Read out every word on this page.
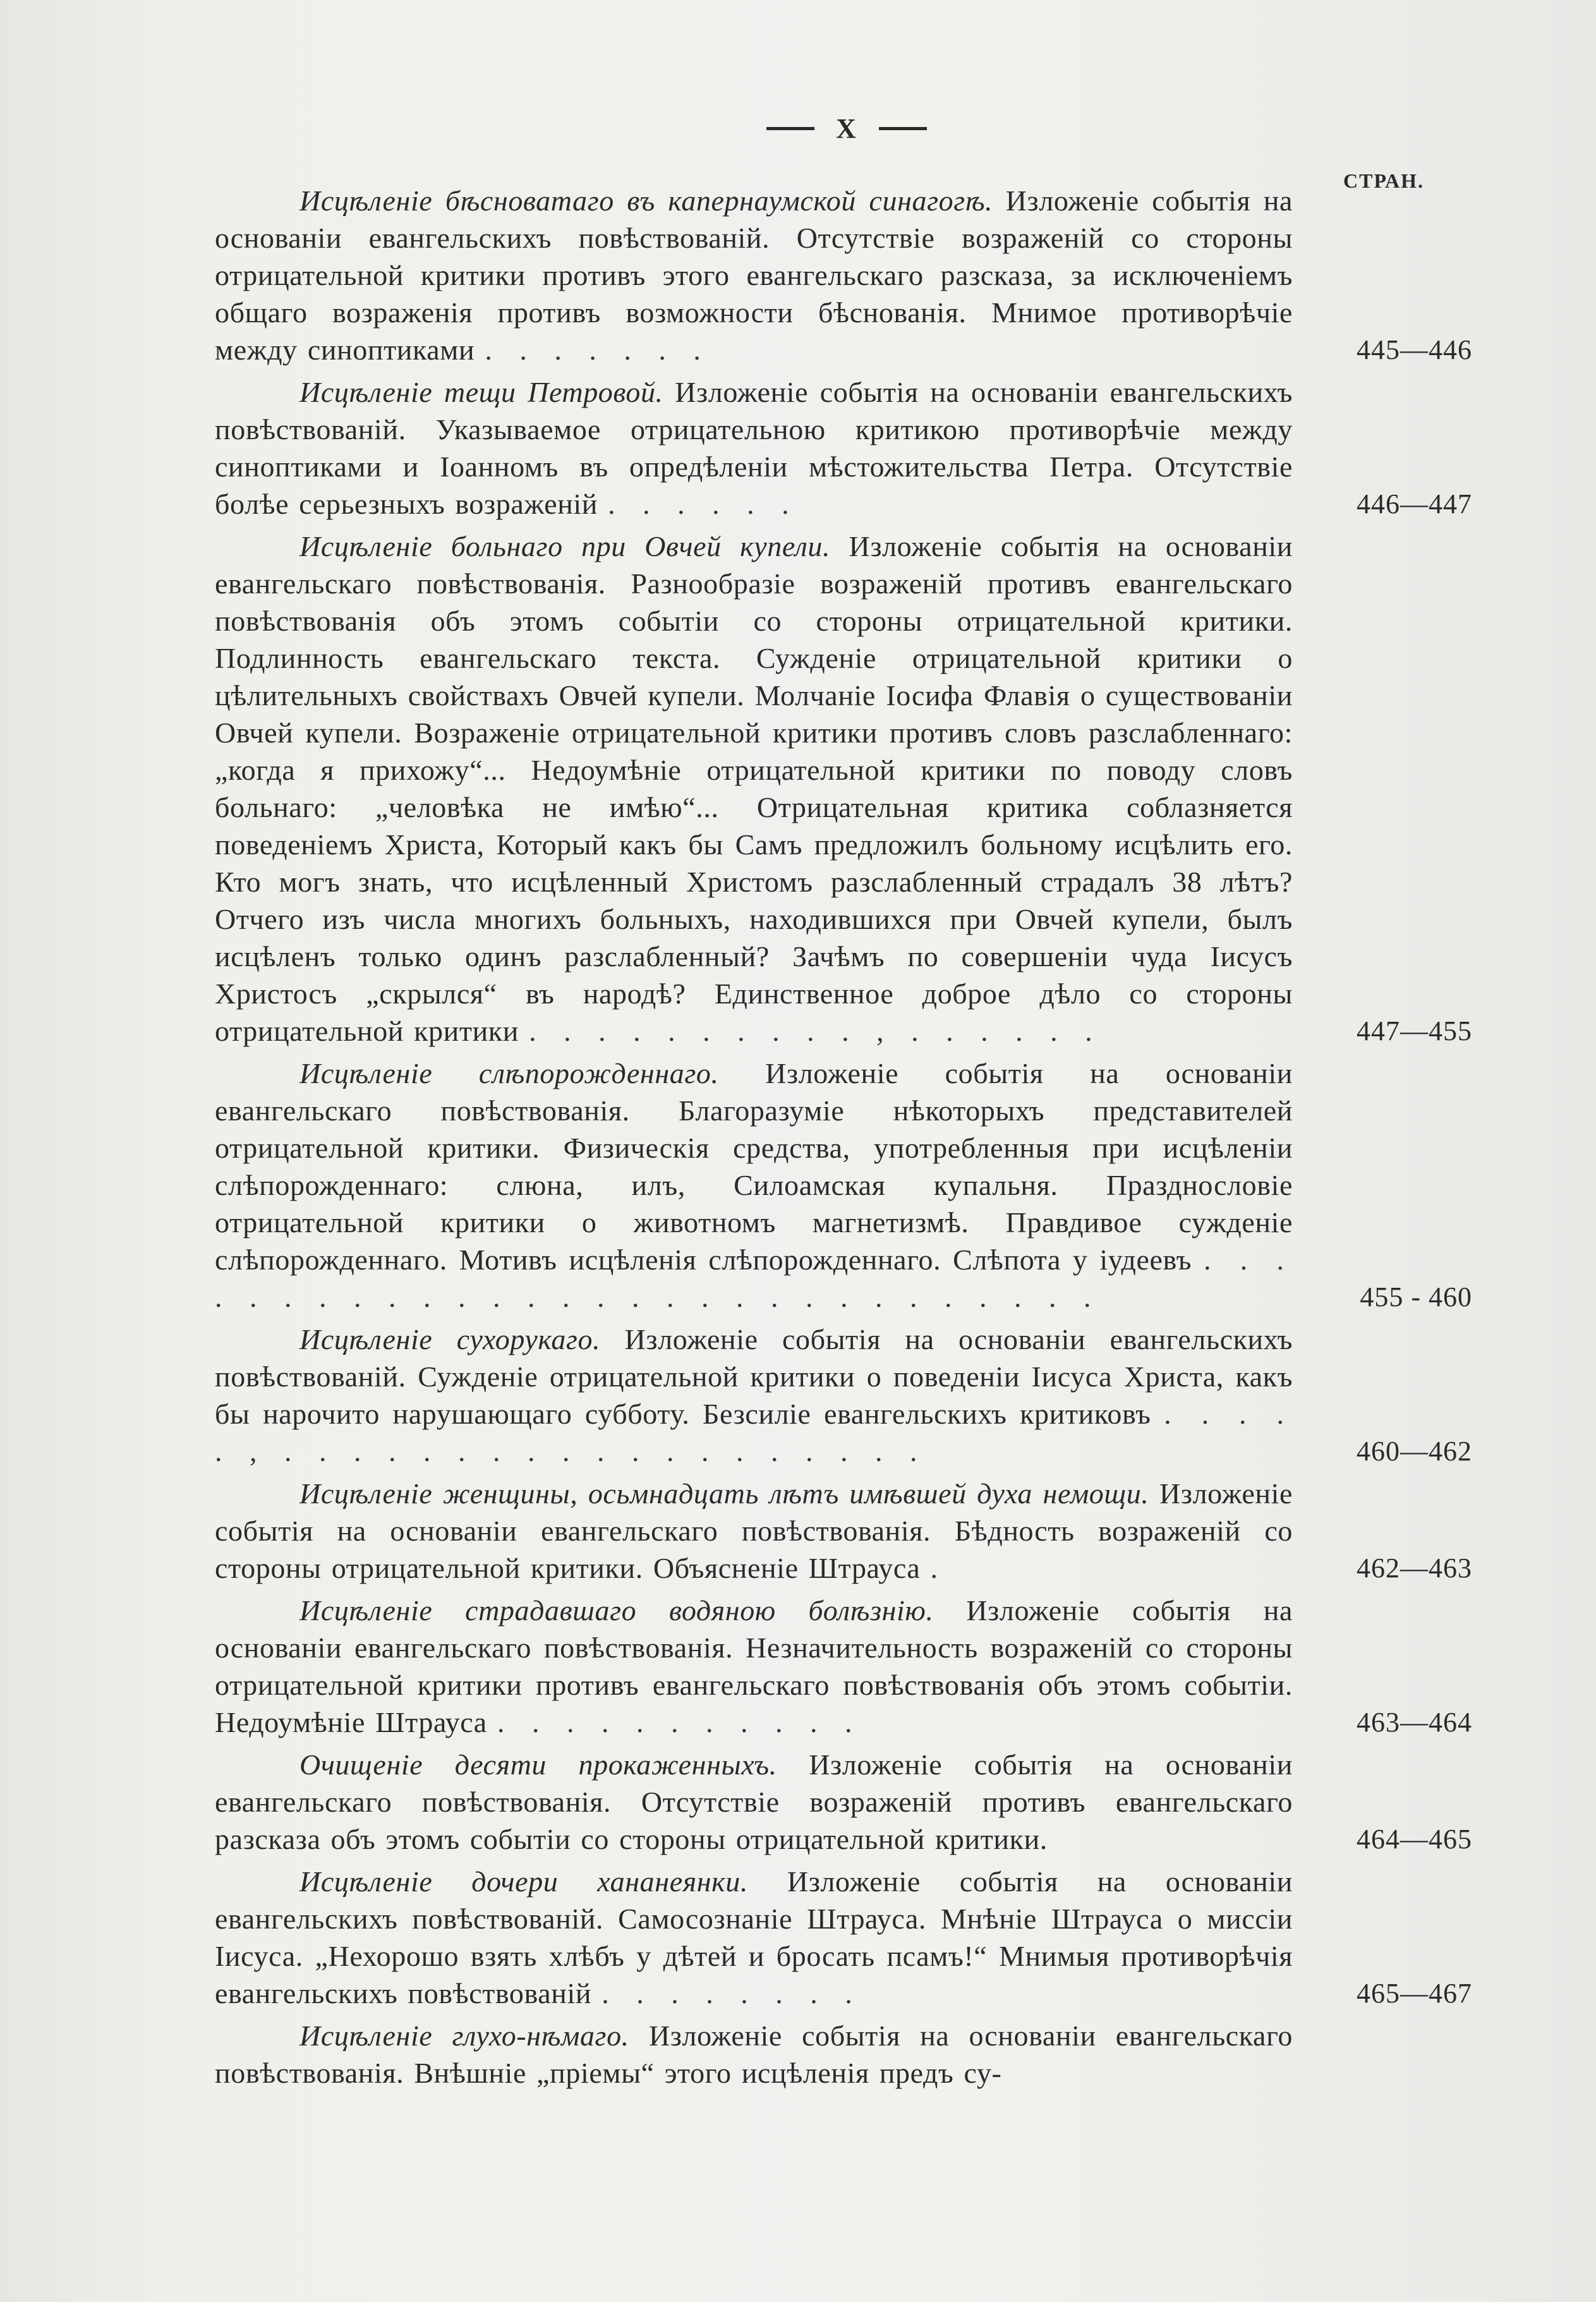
X
СТРАН.
Исцѣленіе бѣсноватаго въ капернаумской синагогѣ. Изложеніе событія на основаніи евангельскихъ повѣствованій. Отсутствіе возраженій со стороны отрицательной критики противъ этого евангельскаго разсказа, за исключеніемъ общаго возраженія противъ возможности бѣснованія. Мнимое противорѣчіе между синоптиками . . . . . . .	445—446
Исцѣленіе тещи Петровой. Изложеніе событія на основаніи евангельскихъ повѣствованій. Указываемое отрицательною критикою противорѣчіе между синоптиками и Іоанномъ въ опредѣленіи мѣстожительства Петра. Отсутствіе болѣе серьезныхъ возраженій . . . . . .	446—447
Исцѣленіе больнаго при Овчей купели. Изложеніе событія на основаніи евангельскаго повѣствованія. Разнообразіе возраженій противъ евангельскаго повѣствованія объ этомъ событіи со стороны отрицательной критики. Подлинность евангельскаго текста. Сужденіе отрицательной критики о цѣлительныхъ свойствахъ Овчей купели. Молчаніе Іосифа Флавія о существованіи Овчей купели. Возраженіе отрицательной критики противъ словъ разслабленнаго: „когда я прихожу“... Недоумѣніе отрицательной критики по поводу словъ больнаго: „человѣка не имѣю“... Отрицательная критика соблазняется поведеніемъ Христа, Который какъ бы Самъ предложилъ больному исцѣлить его. Кто могъ знать, что исцѣленный Христомъ разслабленный страдалъ 38 лѣтъ? Отчего изъ числа многихъ больныхъ, находившихся при Овчей купели, былъ исцѣленъ только одинъ разслабленный? Зачѣмъ по совершеніи чуда Іисусъ Христосъ „скрылся“ въ народѣ? Единственное доброе дѣло со стороны отрицательной критики . . . . . . . . . . , . . . . . .	447—455
Исцѣленіе слѣпорожденнаго. Изложеніе событія на основаніи евангельскаго повѣствованія. Благоразуміе нѣкоторыхъ представителей отрицательной критики. Физическія средства, употребленныя при исцѣленіи слѣпорожденнаго: слюна, илъ, Силоамская купальня. Празднословіе отрицательной критики о животномъ магнетизмѣ. Правдивое сужденіе слѣпорожденнаго. Мотивъ исцѣленія слѣпорожденнаго. Слѣпота у іудеевъ . . . . . . . . . . . . . . . . . . . . . . . . . . . . .	455 - 460
Исцѣленіе сухорукаго. Изложеніе событія на основаніи евангельскихъ повѣствованій. Сужденіе отрицательной критики о поведеніи Іисуса Христа, какъ бы нарочито нарушающаго субботу. Безсиліе евангельскихъ критиковъ . . . . . , . . . . . . . . . . . . . . . . . . .	460—462
Исцѣленіе женщины, осьмнадцать лѣтъ имѣвшей духа немощи. Изложеніе событія на основаніи евангельскаго повѣствованія. Бѣдность возраженій со стороны отрицательной критики. Объясненіе Штрауса .	462—463
Исцѣленіе страдавшаго водяною болѣзнію. Изложеніе событія на основаніи евангельскаго повѣствованія. Незначительность возраженій со стороны отрицательной критики противъ евангельскаго повѣствованія объ этомъ событіи. Недоумѣніе Штрауса . . . . . . . . . . .	463—464
Очищеніе десяти прокаженныхъ. Изложеніе событія на основаніи евангельскаго повѣствованія. Отсутствіе возраженій противъ евангельскаго разсказа объ этомъ событіи со стороны отрицательной критики.	464—465
Исцѣленіе дочери хананеянки. Изложеніе событія на основаніи евангельскихъ повѣствованій. Самосознаніе Штрауса. Мнѣніе Штрауса о миссіи Іисуса. „Нехорошо взять хлѣбъ у дѣтей и бросать псамъ!“ Мнимыя противорѣчія евангельскихъ повѣствованій . . . . . . . .	465—467
Исцѣленіе глухо-нѣмаго. Изложеніе событія на основаніи евангельскаго повѣствованія. Внѣшніе „пріемы“ этого исцѣленія предъ су-
